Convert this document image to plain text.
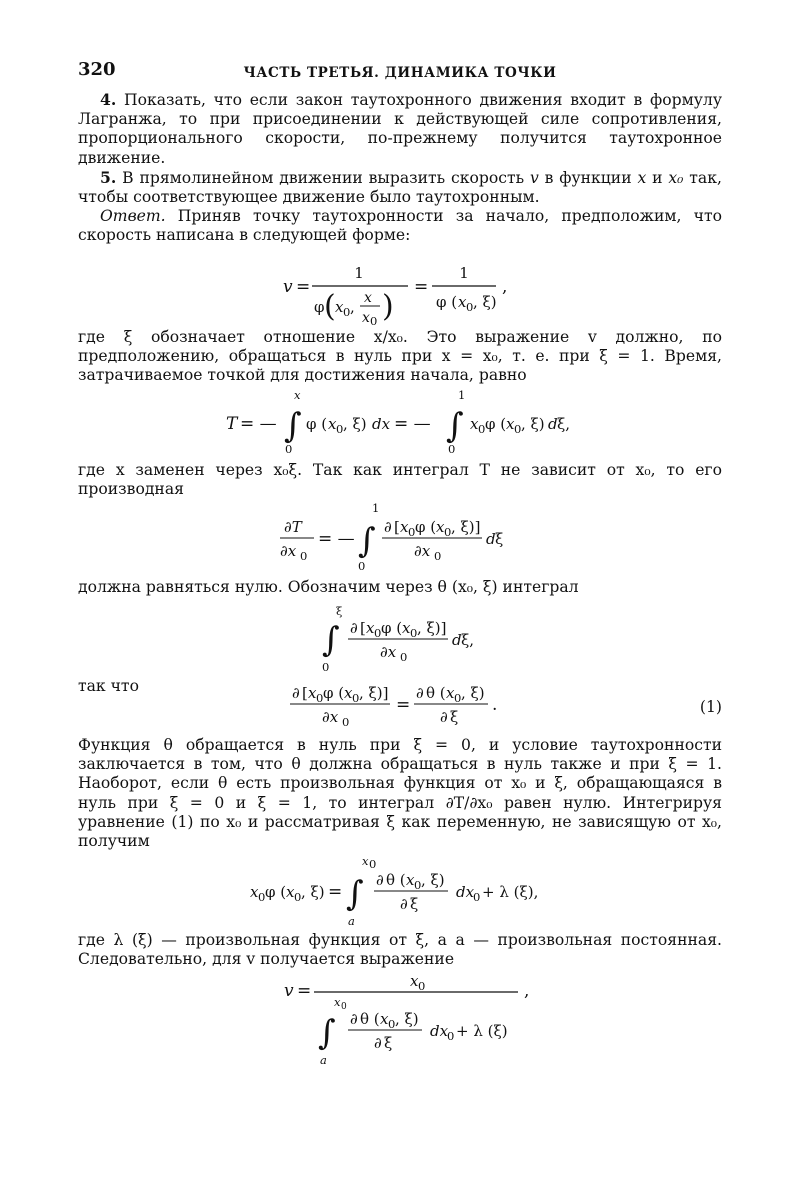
320	ЧАСТЬ ТРЕТЬЯ. ДИНАМИКА ТОЧКИ

4. Показать, что если закон таутохронного движения входит в формулу Лагранжа, то при присоединении к действующей силе сопротивления, пропорционального скорости, по-прежнему получится таутохронное движение.

5. В прямолинейном движении выразить скорость v в функции x и x₀ так, чтобы соответствующее движение было таутохронным.

Ответ. Приняв точку таутохронности за начало, предположим, что скорость написана в следующей форме:

v =
1
φ ( x 0 , x
x 0 )
=
1
φ ( x 0 , ξ)
,

где ξ обозначает отношение x/x₀. Это выражение v должно, по предположению, обращаться в нуль при x = x₀, т. е. при ξ = 1. Время, затрачиваемое точкой для достижения начала, равно

T = — ∫
x
0
φ ( x 0 , ξ) dx = — ∫
1
0
x 0 φ ( x 0 , ξ) d ξ,

где x заменен через x₀ξ. Так как интеграл T не зависит от x₀, то его производная

∂T
∂x 0
= — ∫
1
0
∂ [ x 0 φ ( x 0 , ξ)]
∂x 0
d ξ

должна равняться нулю. Обозначим через θ (x₀, ξ) интеграл

∫
ξ
0
∂ [ x 0 φ ( x 0 , ξ)]
∂x 0
d ξ,

так что	∂ [ x 0 φ ( x 0 , ξ)]
∂x 0
=
∂ θ ( x 0 , ξ)
∂ ξ
.	(1)

Функция θ обращается в нуль при ξ = 0, и условие таутохронности заключается в том, что θ должна обращаться в нуль также и при ξ = 1. Наоборот, если θ есть произвольная функция от x₀ и ξ, обращающаяся в нуль при ξ = 0 и ξ = 1, то интеграл ∂T/∂x₀ равен нулю. Интегрируя уравнение (1) по x₀ и рассматривая ξ как переменную, не зависящую от x₀, получим

x 0 φ ( x 0 , ξ) = ∫
x 0
a
∂ θ ( x 0 , ξ)
∂ ξ
dx
0 + λ (ξ),

где λ (ξ) — произвольная функция от ξ, а a — произвольная постоянная. Следовательно, для v получается выражение

v =	x 0	,
∫
x 0
a
∂ θ ( x 0 , ξ)
∂ ξ
dx
0 + λ (ξ)
